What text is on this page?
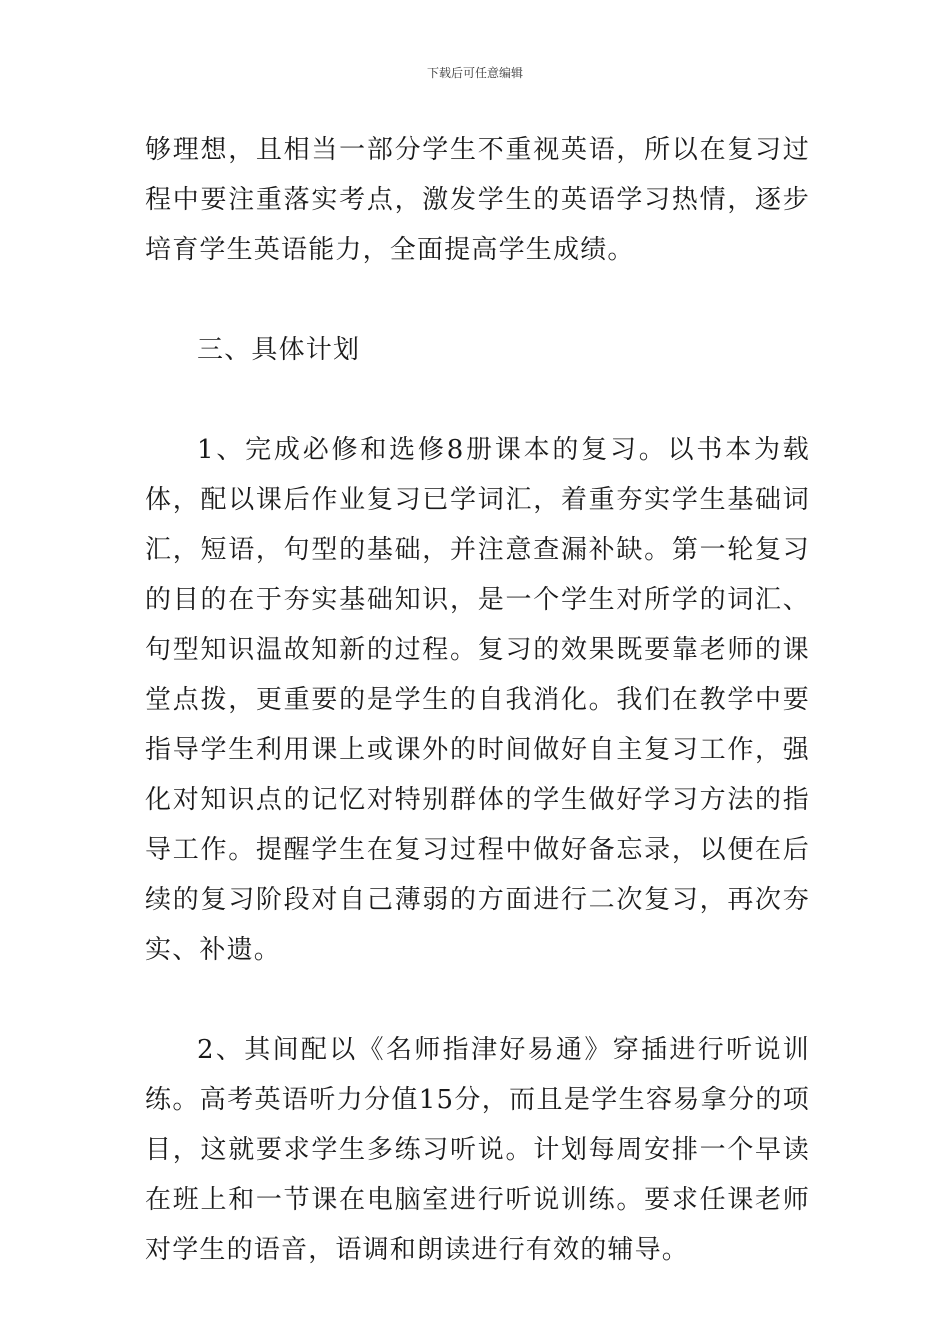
下载后可任意编辑

够理想，且相当一部分学生不重视英语，所以在复习过程中要注重落实考点，激发学生的英语学习热情，逐步培育学生英语能力，全面提高学生成绩。

三、具体计划

1、完成必修和选修8册课本的复习。以书本为载体，配以课后作业复习已学词汇，着重夯实学生基础词汇，短语，句型的基础，并注意查漏补缺。第一轮复习的目的在于夯实基础知识，是一个学生对所学的词汇、句型知识温故知新的过程。复习的效果既要靠老师的课堂点拨，更重要的是学生的自我消化。我们在教学中要指导学生利用课上或课外的时间做好自主复习工作，强化对知识点的记忆对特别群体的学生做好学习方法的指导工作。提醒学生在复习过程中做好备忘录，以便在后续的复习阶段对自己薄弱的方面进行二次复习，再次夯实、补遗。

2、其间配以《名师指津好易通》穿插进行听说训练。高考英语听力分值15分，而且是学生容易拿分的项目，这就要求学生多练习听说。计划每周安排一个早读在班上和一节课在电脑室进行听说训练。要求任课老师对学生的语音，语调和朗读进行有效的辅导。
